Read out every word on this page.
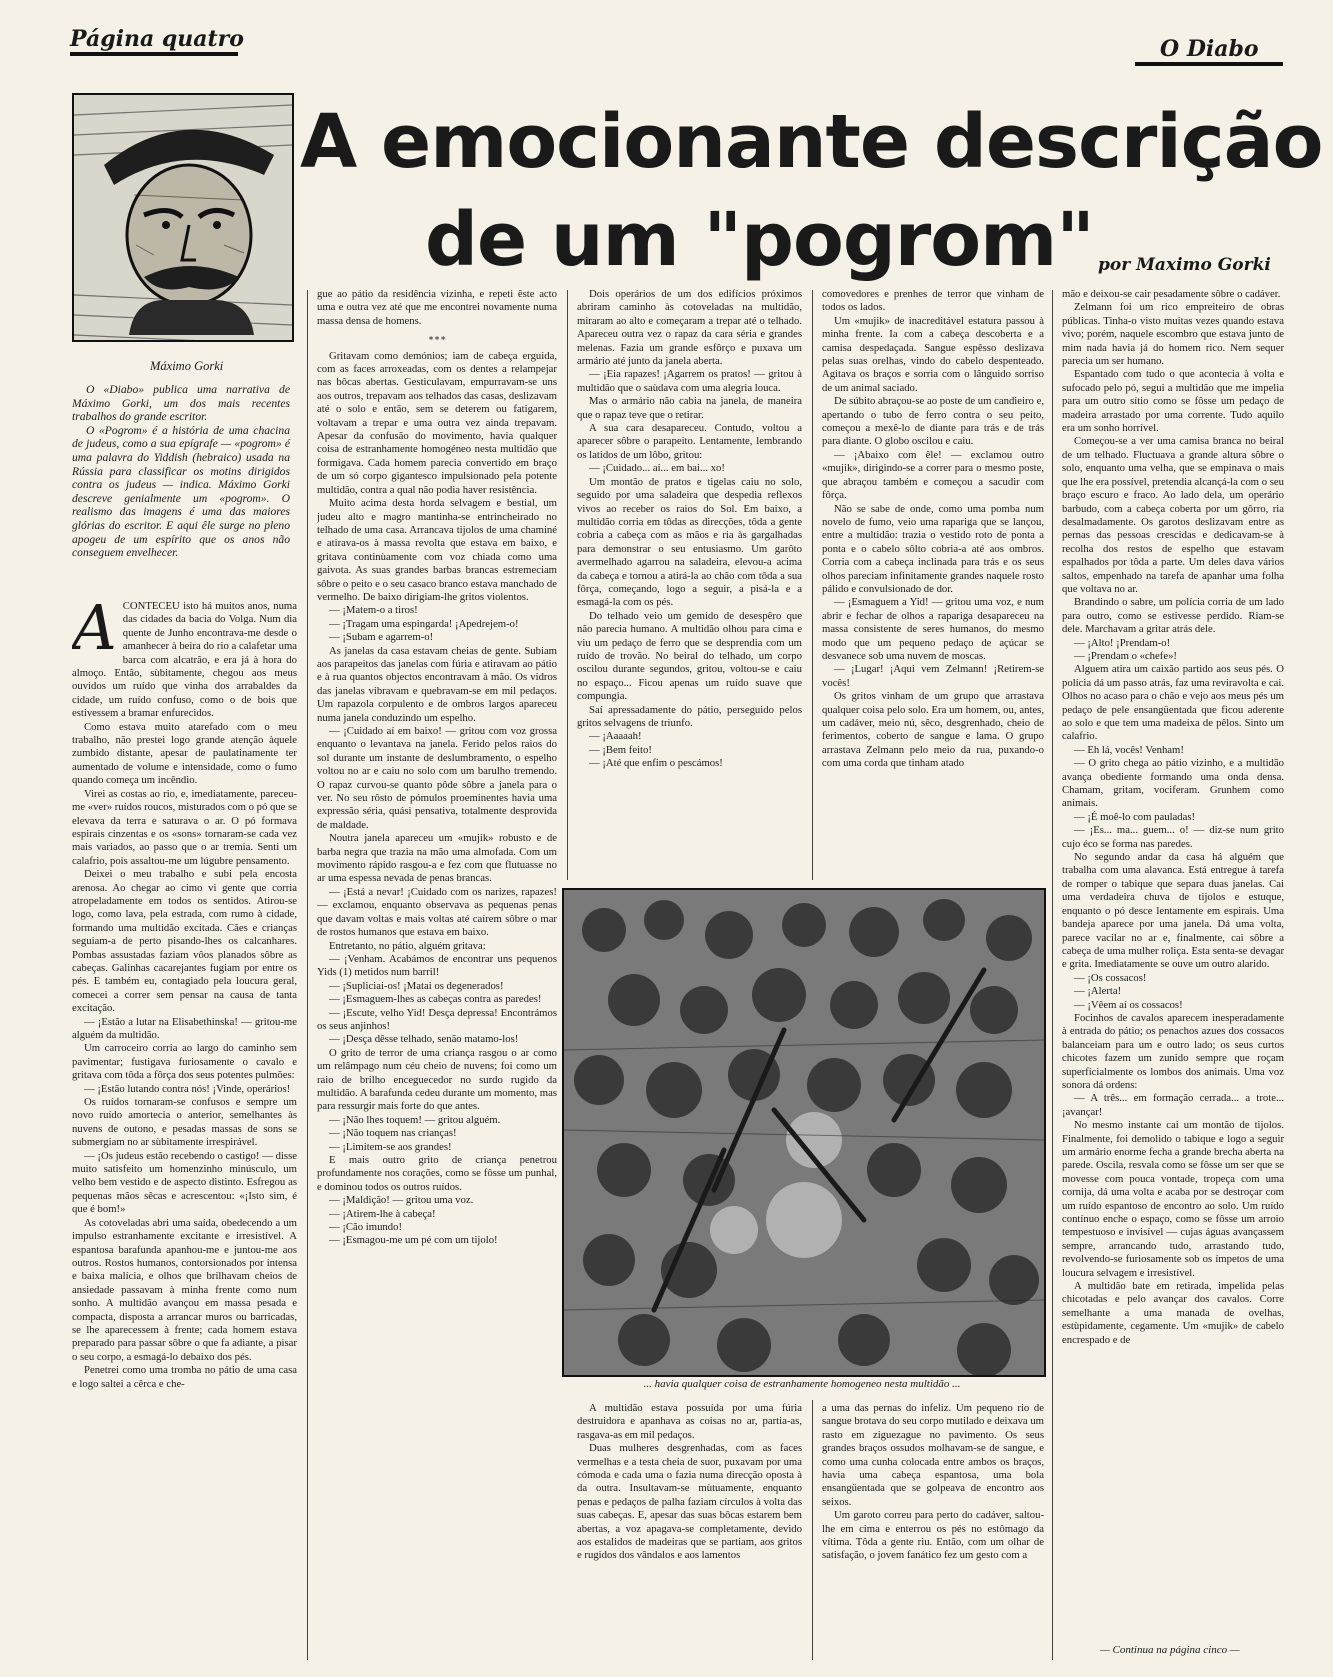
Página quatro	O Diabo
Máximo Gorki

O «Diabo» publica uma narrativa de Máximo Gorki, um dos mais recentes trabalhos do grande escritor.

O «Pogrom» é a história de uma chacina de judeus, como a sua epígrafe — «pogrom» é uma palavra do Yiddish (hebraico) usada na Rússia para classificar os motins dirigidos contra os judeus — indica. Máximo Gorki descreve genialmente um «pogrom». O realismo das imagens é uma das maiores glórias do escritor. E aqui êle surge no pleno apogeu de um espírito que os anos não conseguem envelhecer.

A emocionante descrição
de um "pogrom" por Maximo Gorki
A CONTECEU isto há muitos anos, numa das cidades da bacia do Volga. Num dia quente de Junho encontrava-me desde o amanhecer à beira do rio a calafetar uma barca com alcatrão, e era já à hora do almoço. Então, sùbitamente, chegou aos meus ouvidos um ruído que vinha dos arrabaldes da cidade, um ruído confuso, como o de bois que estivessem a bramar enfurecidos.

Como estava muito atarefado com o meu trabalho, não prestei logo grande atenção àquele zumbido distante, apesar de paulatinamente ter aumentado de volume e intensidade, como o fumo quando começa um incêndio.

Virei as costas ao rio, e, imediatamente, pareceu-me «ver» ruídos roucos, misturados com o pó que se elevava da terra e saturava o ar. O pó formava espirais cinzentas e os «sons» tornaram-se cada vez mais variados, ao passo que o ar tremia. Senti um calafrio, pois assaltou-me um lúgubre pensamento.

Deixei o meu trabalho e subi pela encosta arenosa. Ao chegar ao cimo vi gente que corria atropeladamente em todos os sentidos. Atirou-se logo, como lava, pela estrada, com rumo à cidade, formando uma multidão excitada. Cães e crianças seguiam-a de perto pisando-lhes os calcanhares. Pombas assustadas faziam vôos planados sôbre as cabeças. Galinhas cacarejantes fugiam por entre os pés. E também eu, contagiado pela loucura geral, comecei a correr sem pensar na causa de tanta excitação.

— ¡Estão a lutar na Elisabethinska! — gritou-me alguém da multidão.

Um carroceiro corria ao largo do caminho sem pavimentar; fustigava furiosamente o cavalo e gritava com tôda a fôrça dos seus potentes pulmões:

— ¡Estão lutando contra nós! ¡Vinde, operários!

Os ruídos tornaram-se confusos e sempre um novo ruído amortecia o anterior, semelhantes às nuvens de outono, e pesadas massas de sons se submergiam no ar sùbitamente irrespirável.

— ¡Os judeus estão recebendo o castigo! — disse muito satisfeito um homenzinho minúsculo, um velho bem vestido e de aspecto distinto. Esfregou as pequenas mãos sêcas e acrescentou: «¡Isto sim, é que é bom!»

As cotoveladas abri uma saída, obedecendo a um impulso estranhamente excitante e irresistível. A espantosa barafunda apanhou-me e juntou-me aos outros. Rostos humanos, contorsionados por intensa e baixa malícia, e olhos que brilhavam cheios de ansiedade passavam à minha frente como num sonho. A multidão avançou em massa pesada e compacta, disposta a arrancar muros ou barricadas, se lhe aparecessem à frente; cada homem estava preparado para passar sôbre o que fa adiante, a pisar o seu corpo, a esmagá-lo debaixo dos pés.

Penetrei como uma tromba no pátio de uma casa e logo saltei a cêrca e che-

gue ao pátio da residência vizinha, e repeti êste acto uma e outra vez até que me encontrei novamente numa massa densa de homens.

∗∗∗

Gritavam como demónios; iam de cabeça erguida, com as faces arroxeadas, com os dentes a relampejar nas bôcas abertas. Gesticulavam, empurravam-se uns aos outros, trepavam aos telhados das casas, deslizavam até o solo e então, sem se deterem ou fatigarem, voltavam a trepar e uma outra vez ainda trepavam. Apesar da confusão do movimento, havia qualquer coisa de estranhamente homogéneo nesta multidão que formigava. Cada homem parecia convertido em braço de um só corpo gigantesco impulsionado pela potente multidão, contra a qual não podia haver resistência.

Muito acima desta horda selvagem e bestial, um judeu alto e magro mantinha-se entrincheirado no telhado de uma casa. Arrancava tijolos de uma chaminé e atirava-os à massa revolta que estava em baixo, e gritava continùamente com voz chiada como uma gaivota. As suas grandes barbas brancas estremeciam sôbre o peito e o seu casaco branco estava manchado de vermelho. De baixo dirigiam-lhe gritos violentos.

— ¡Matem-o a tiros!

— ¡Tragam uma espingarda! ¡Apedrejem-o!

— ¡Subam e agarrem-o!

As janelas da casa estavam cheias de gente. Subiam aos parapeitos das janelas com fúria e atiravam ao pátio e à rua quantos objectos encontravam à mão. Os vidros das janelas vibravam e quebravam-se em mil pedaços. Um rapazola corpulento e de ombros largos apareceu numa janela conduzindo um espelho.

— ¡Cuidado aí em baixo! — gritou com voz grossa enquanto o levantava na janela. Ferido pelos raios do sol durante um instante de deslumbramento, o espelho voltou no ar e caiu no solo com um barulho tremendo. O rapaz curvou-se quanto pôde sôbre a janela para o ver. No seu rôsto de pómulos proeminentes havia uma expressão séria, quási pensativa, totalmente desprovida de maldade.

Noutra janela apareceu um «mujik» robusto e de barba negra que trazia na mão uma almofada. Com um movimento rápido rasgou-a e fez com que flutuasse no ar uma espessa nevada de penas brancas.

— ¡Está a nevar! ¡Cuidado com os narizes, rapazes! — exclamou, enquanto observava as pequenas penas que davam voltas e mais voltas até caírem sôbre o mar de rostos humanos que estava em baixo.

Entretanto, no pátio, alguém gritava:

— ¡Venham. Acabámos de encontrar uns pequenos Yids (1) metidos num barril!

— ¡Supliciai-os! ¡Matai os degenerados!

— ¡Esmaguem-lhes as cabeças contra as paredes!

— ¡Escute, velho Yid! Desça depressa! Encontrámos os seus anjinhos!

— ¡Desça dêsse telhado, senão matamo-los!

O grito de terror de uma criança rasgou o ar como um relâmpago num céu cheio de nuvens; foi como um raio de brilho enceguecedor no surdo rugido da multidão. A barafunda cedeu durante um momento, mas para ressurgir mais forte do que antes.

— ¡Não lhes toquem! — gritou alguém.

— ¡Não toquem nas crianças!

— ¡Limitem-se aos grandes!

E mais outro grito de criança penetrou profundamente nos corações, como se fôsse um punhal, e dominou todos os outros ruídos.

— ¡Maldição! — gritou uma voz.

— ¡Atirem-lhe à cabeça!

— ¡Cão imundo!

— ¡Esmagou-me um pé com um tijolo!

Dois operários de um dos edifícios próximos abriram caminho às cotoveladas na multidão, miraram ao alto e começaram a trepar até o telhado. Apareceu outra vez o rapaz da cara séria e grandes melenas. Fazia um grande esfôrço e puxava um armário até junto da janela aberta.

— ¡Eia rapazes! ¡Agarrem os pratos! — gritou à multidão que o saùdava com uma alegria louca.

Mas o armário não cabia na janela, de maneira que o rapaz teve que o retirar.

A sua cara desapareceu. Contudo, voltou a aparecer sôbre o parapeito. Lentamente, lembrando os latidos de um lôbo, gritou:

— ¡Cuidado... ai... em bai... xo!

Um montão de pratos e tigelas caiu no solo, seguido por uma saladeira que despedia reflexos vivos ao receber os raios do Sol. Em baixo, a multidão corria em tôdas as direcções, tôda a gente cobria a cabeça com as mãos e ria às gargalhadas para demonstrar o seu entusiasmo. Um garôto avermelhado agarrou na saladeira, elevou-a acima da cabeça e tornou a atirá-la ao chão com tôda a sua fôrça, começando, logo a seguir, a pisá-la e a esmagá-la com os pés.

Do telhado veio um gemido de desespêro que não parecia humano. A multidão olhou para cima e viu um pedaço de ferro que se desprendia com um ruído de trovão. No beiral do telhado, um corpo oscilou durante segundos, gritou, voltou-se e caiu no espaço... Ficou apenas um ruído suave que compungia.

Saí apressadamente do pátio, perseguido pelos gritos selvagens de triunfo.

— ¡Aaaaah!

— ¡Bem feito!

— ¡Até que enfim o pescámos!

comovedores e prenhes de terror que vinham de todos os lados.

Um «mujik» de inacreditável estatura passou à minha frente. Ia com a cabeça descoberta e a camisa despedaçada. Sangue espêsso deslizava pelas suas orelhas, vindo do cabelo despenteado. Agitava os braços e sorria com o lânguido sorriso de um animal saciado.

De súbito abraçou-se ao poste de um candieiro e, apertando o tubo de ferro contra o seu peito, começou a mexê-lo de diante para trás e de trás para diante. O globo oscilou e caiu.

— ¡Abaixo com êle! — exclamou outro «mujik», dirigindo-se a correr para o mesmo poste, que abraçou também e começou a sacudir com fôrça.

Não se sabe de onde, como uma pomba num novelo de fumo, veio uma rapariga que se lançou, entre a multidão: trazia o vestido roto de ponta a ponta e o cabelo sôlto cobria-a até aos ombros. Corria com a cabeça inclinada para trás e os seus olhos pareciam infinitamente grandes naquele rosto pálido e convulsionado de dor.

— ¡Esmaguem a Yid! — gritou uma voz, e num abrir e fechar de olhos a rapariga desapareceu na massa consistente de seres humanos, do mesmo modo que um pequeno pedaço de açúcar se desvanece sob uma nuvem de moscas.

— ¡Lugar! ¡Aqui vem Zelmann! ¡Retirem-se vocês!

Os gritos vinham de um grupo que arrastava qualquer coisa pelo solo. Era um homem, ou, antes, um cadáver, meio nú, sêco, desgrenhado, cheio de ferimentos, coberto de sangue e lama. O grupo arrastava Zelmann pelo meio da rua, puxando-o com uma corda que tinham atado

... havia qualquer coisa de estranhamente homogeneo nesta multidão ...

A multidão estava possuída por uma fúria destruidora e apanhava as coisas no ar, partia-as, rasgava-as em mil pedaços.

Duas mulheres desgrenhadas, com as faces vermelhas e a testa cheia de suor, puxavam por uma cómoda e cada uma o fazia numa direcção oposta à da outra. Insultavam-se mùtuamente, enquanto penas e pedaços de palha faziam círculos à volta das suas cabeças. E, apesar das suas bôcas estarem bem abertas, a voz apagava-se completamente, devido aos estalidos de madeiras que se partiam, aos gritos e rugidos dos vândalos e aos lamentos

a uma das pernas do infeliz. Um pequeno rio de sangue brotava do seu corpo mutilado e deixava um rasto em ziguezague no pavimento. Os seus grandes braços ossudos molhavam-se de sangue, e como uma cunha colocada entre ambos os braços, havia uma cabeça espantosa, uma bola ensangüentada que se golpeava de encontro aos seixos.

Um garoto correu para perto do cadáver, saltou-lhe em cima e enterrou os pés no estômago da vítima. Tôda a gente riu. Então, com um olhar de satisfação, o jovem fanático fez um gesto com a

mão e deixou-se cair pesadamente sôbre o cadáver.

Zelmann foi um rico empreiteiro de obras públicas. Tinha-o visto muitas vezes quando estava vivo; porém, naquele escombro que estava junto de mim nada havia já do homem rico. Nem sequer parecia um ser humano.

Espantado com tudo o que acontecia à volta e sufocado pelo pó, segui a multidão que me impelia para um outro sítio como se fôsse um pedaço de madeira arrastado por uma corrente. Tudo aquilo era um sonho horrível.

Começou-se a ver uma camisa branca no beiral de um telhado. Fluctuava a grande altura sôbre o solo, enquanto uma velha, que se empinava o mais que lhe era possível, pretendia alcançá-la com o seu braço escuro e fraco. Ao lado dela, um operário barbudo, com a cabeça coberta por um gôrro, ria desalmadamente. Os garotos deslizavam entre as pernas das pessoas crescidas e dedicavam-se à recolha dos restos de espelho que estavam espalhados por tôda a parte. Um deles dava vários saltos, empenhado na tarefa de apanhar uma folha que voltava no ar.

Brandindo o sabre, um polícia corria de um lado para outro, como se estivesse perdido. Riam-se dele. Marchavam a gritar atrás dele.

— ¡Alto! ¡Prendam-o!

— ¡Prendam o «chefe»!

Alguem atira um caixão partido aos seus pés. O polícia dá um passo atrás, faz uma reviravolta e cai. Olhos no acaso para o chão e vejo aos meus pés um pedaço de pele ensangüentada que ficou aderente ao solo e que tem uma madeixa de pêlos. Sinto um calafrio.

— Eh lá, vocês! Venham!

— O grito chega ao pátio vizinho, e a multidão avança obediente formando uma onda densa. Chamam, gritam, vociferam. Grunhem como animais.

— ¡É moê-lo com pauladas!

— ¡Es... ma... guem... o! — diz-se num grito cujo éco se forma nas paredes.

No segundo andar da casa há alguém que trabalha com uma alavanca. Está entregue à tarefa de romper o tabique que separa duas janelas. Cai uma verdadeira chuva de tijolos e estuque, enquanto o pó desce lentamente em espirais. Uma bandeja aparece por uma janela. Dá uma volta, parece vacilar no ar e, finalmente, cai sôbre a cabeça de uma mulher roliça. Esta senta-se devagar e grita. Imediatamente se ouve um outro alarido.

— ¡Os cossacos!

— ¡Alerta!

— ¡Vêem aí os cossacos!

Focinhos de cavalos aparecem inesperadamente à entrada do pátio; os penachos azues dos cossacos balanceiam para um e outro lado; os seus curtos chicotes fazem um zunido sempre que roçam superficialmente os lombos dos animais. Uma voz sonora dá ordens:

— A três... em formação cerrada... a trote... ¡avançar!

No mesmo instante cai um montão de tijolos. Finalmente, foi demolido o tabique e logo a seguir um armário enorme fecha a grande brecha aberta na parede. Oscila, resvala como se fôsse um ser que se movesse com pouca vontade, tropeça com uma cornija, dá uma volta e acaba por se destroçar com um ruído espantoso de encontro ao solo. Um ruído contínuo enche o espaço, como se fôsse um arroio tempestuoso e invisível — cujas águas avançassem sempre, arrancando tudo, arrastando tudo, revolvendo-se furiosamente sob os ímpetos de uma loucura selvagem e irresistível.

A multidão bate em retirada, impelida pelas chicotadas e pelo avançar dos cavalos. Corre semelhante a uma manada de ovelhas, estùpidamente, cegamente. Um «mujik» de cabelo encrespado e de

— Continua na página cinco —
